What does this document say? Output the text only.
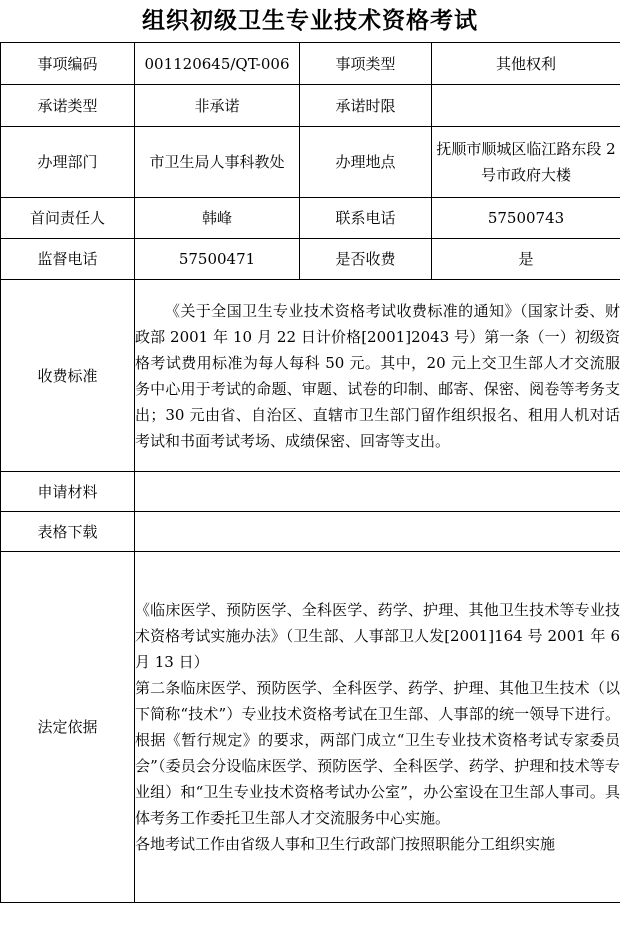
组织初级卫生专业技术资格考试
事项编码	001120645/QT-006	事项类型	其他权利
承诺类型	非承诺	承诺时限	
办理部门	市卫生局人事科教处	办理地点	抚顺市顺城区临江路东段 2 号市政府大楼
首问责任人	韩峰	联系电话	57500743
监督电话	57500471	是否收费	是
收费标准	《关于全国卫生专业技术资格考试收费标准的通知》（国家计委、财政部 2001 年 10 月 22 日计价格[2001]2043 号）第一条（一）初级资格考试费用标准为每人每科 50 元。其中，20 元上交卫生部人才交流服务中心用于考试的命题、审题、试卷的印制、邮寄、保密、阅卷等考务支出；30 元由省、自治区、直辖市卫生部门留作组织报名、租用人机对话考试和书面考试考场、成绩保密、回寄等支出。		

申请材料			
表格下载			
法定依据	《临床医学、预防医学、全科医学、药学、护理、其他卫生技术等专业技术资格考试实施办法》（卫生部、人事部卫人发[2001]164 号 2001 年 6 月 13 日）
第二条临床医学、预防医学、全科医学、药学、护理、其他卫生技术（以下简称“技术”）专业技术资格考试在卫生部、人事部的统一领导下进行。根据《暂行规定》的要求，两部门成立“卫生专业技术资格考试专家委员会”（委员会分设临床医学、预防医学、全科医学、药学、护理和技术等专业组）和“卫生专业技术资格考试办公室”，办公室设在卫生部人事司。具体考务工作委托卫生部人才交流服务中心实施。
各地考试工作由省级人事和卫生行政部门按照职能分工组织实施		
